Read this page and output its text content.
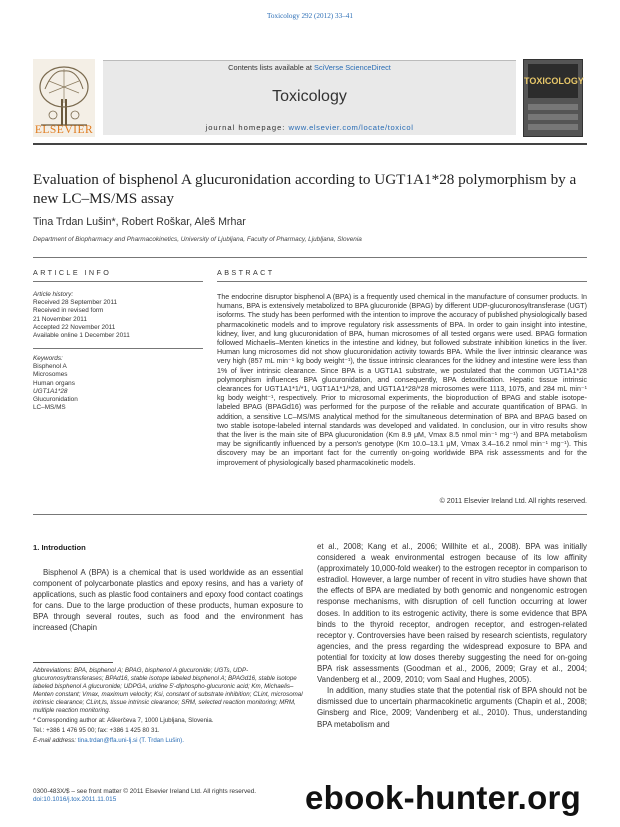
Toxicology 292 (2012) 33–41
Contents lists available at SciVerse ScienceDirect
Toxicology
journal homepage: www.elsevier.com/locate/toxicol
ELSEVIER
TOXICOLOGY
Evaluation of bisphenol A glucuronidation according to UGT1A1*28 polymorphism by a new LC–MS/MS assay
Tina Trdan Lušin*, Robert Roškar, Aleš Mrhar
Department of Biopharmacy and Pharmacokinetics, University of Ljubljana, Faculty of Pharmacy, Ljubljana, Slovenia
ARTICLE INFO	ABSTRACT
Article history:
Received 28 September 2011
Received in revised form
21 November 2011
Accepted 22 November 2011
Available online 1 December 2011
Keywords:
Bisphenol A
Microsomes
Human organs
UGT1A1*28
Glucuronidation
LC–MS/MS
The endocrine disruptor bisphenol A (BPA) is a frequently used chemical in the manufacture of consumer products. In humans, BPA is extensively metabolized to BPA glucuronide (BPAG) by different UDP-glucuronosyltransferase (UGT) isoforms. The study has been performed with the intention to improve the accuracy of published physiologically based pharmacokinetic models and to improve regulatory risk assessments of BPA. In order to gain insight into intestine, kidney, liver, and lung glucuronidation of BPA, human microsomes of all tested organs were used. BPAG formation followed Michaelis–Menten kinetics in the intestine and kidney, but followed substrate inhibition kinetics in the liver. Human lung microsomes did not show glucuronidation activity towards BPA. While the liver intrinsic clearance was very high (857 mL min⁻¹ kg body weight⁻¹), the tissue intrinsic clearances for the kidney and intestine were less than 1% of liver intrinsic clearance. Since BPA is a UGT1A1 substrate, we postulated that the common UGT1A1*28 polymorphism influences BPA glucuronidation, and consequently, BPA detoxification. Hepatic tissue intrinsic clearances for UGT1A1*1/*1, UGT1A1*1/*28, and UGT1A1*28/*28 microsomes were 1113, 1075, and 284 mL min⁻¹ kg body weight⁻¹, respectively. Prior to microsomal experiments, the bioproduction of BPAG and stable isotope-labeled BPAG (BPAGd16) was performed for the purpose of the reliable and accurate quantification of BPAG. In addition, a sensitive LC–MS/MS analytical method for the simultaneous determination of BPA and BPAG based on two stable isotope-labeled internal standards was developed and validated. In conclusion, our in vitro results show that the liver is the main site of BPA glucuronidation (Km 8.9 μM, Vmax 8.5 nmol min⁻¹ mg⁻¹) and BPA metabolism may be significantly influenced by a person's genotype (Km 10.0–13.1 μM, Vmax 3.4–16.2 nmol min⁻¹ mg⁻¹). This discovery may be an important fact for the currently on-going worldwide BPA risk assessments and for the improvement of physiologically based pharmacokinetic models.
© 2011 Elsevier Ireland Ltd. All rights reserved.
1. Introduction
Bisphenol A (BPA) is a chemical that is used worldwide as an essential component of polycarbonate plastics and epoxy resins, and has a variety of applications, such as plastic food containers and epoxy food contact coatings for cans. Due to the large production of these products, human exposure to BPA through several routes, such as food and the environment has increased (Chapin

et al., 2008; Kang et al., 2006; Willhite et al., 2008). BPA was initially considered a weak environmental estrogen because of its low affinity (approximately 10,000-fold weaker) to the estrogen receptor in comparison to estradiol. However, a large number of recent in vitro studies have shown that the effects of BPA are mediated by both genomic and nongenomic estrogen response mechanisms, with disruption of cell function occurring at lower doses. In addition to its estrogenic activity, there is some evidence that BPA binds to the thyroid receptor, androgen receptor, and estrogen-related receptor γ. Controversies have been raised by research scientists, regulatory agencies, and the press regarding the widespread exposure to BPA and potential for toxicity at low doses thereby suggesting the need for on-going BPA risk assessments (Goodman et al., 2006, 2009; Gray et al., 2004; Vandenberg et al., 2009, 2010; vom Saal and Hughes, 2005).

In addition, many studies state that the potential risk of BPA should not be dismissed due to uncertain pharmacokinetic arguments (Chapin et al., 2008; Ginsberg and Rice, 2009; Vandenberg et al., 2010). Thus, understanding BPA metabolism and

Abbreviations: BPA, bisphenol A; BPAG, bisphenol A glucuronide; UGTs, UDP-glucuronosyltransferases; BPAd16, stable isotope labeled bisphenol A; BPAGd16, stable isotope labeled bisphenol A glucuronide; UDPGA, uridine 5′-diphospho-glucuronic acid; Km, Michaelis–Menten constant; Vmax, maximum velocity; Ksi, constant of substrate inhibition; CLint, microsomal intrinsic clearance; CLint,ts, tissue intrinsic clearance; SRM, selected reaction monitoring; MRM, multiple reaction monitoring.
* Corresponding author at: Aškerčeva 7, 1000 Ljubljana, Slovenia.
Tel.: +386 1 476 95 00; fax: +386 1 425 80 31.
E-mail address: tina.trdan@ffa.uni-lj.si (T. Trdan Lušin).
0300-483X/$ – see front matter © 2011 Elsevier Ireland Ltd. All rights reserved.
doi:10.1016/j.tox.2011.11.015	ebook-hunter.org
